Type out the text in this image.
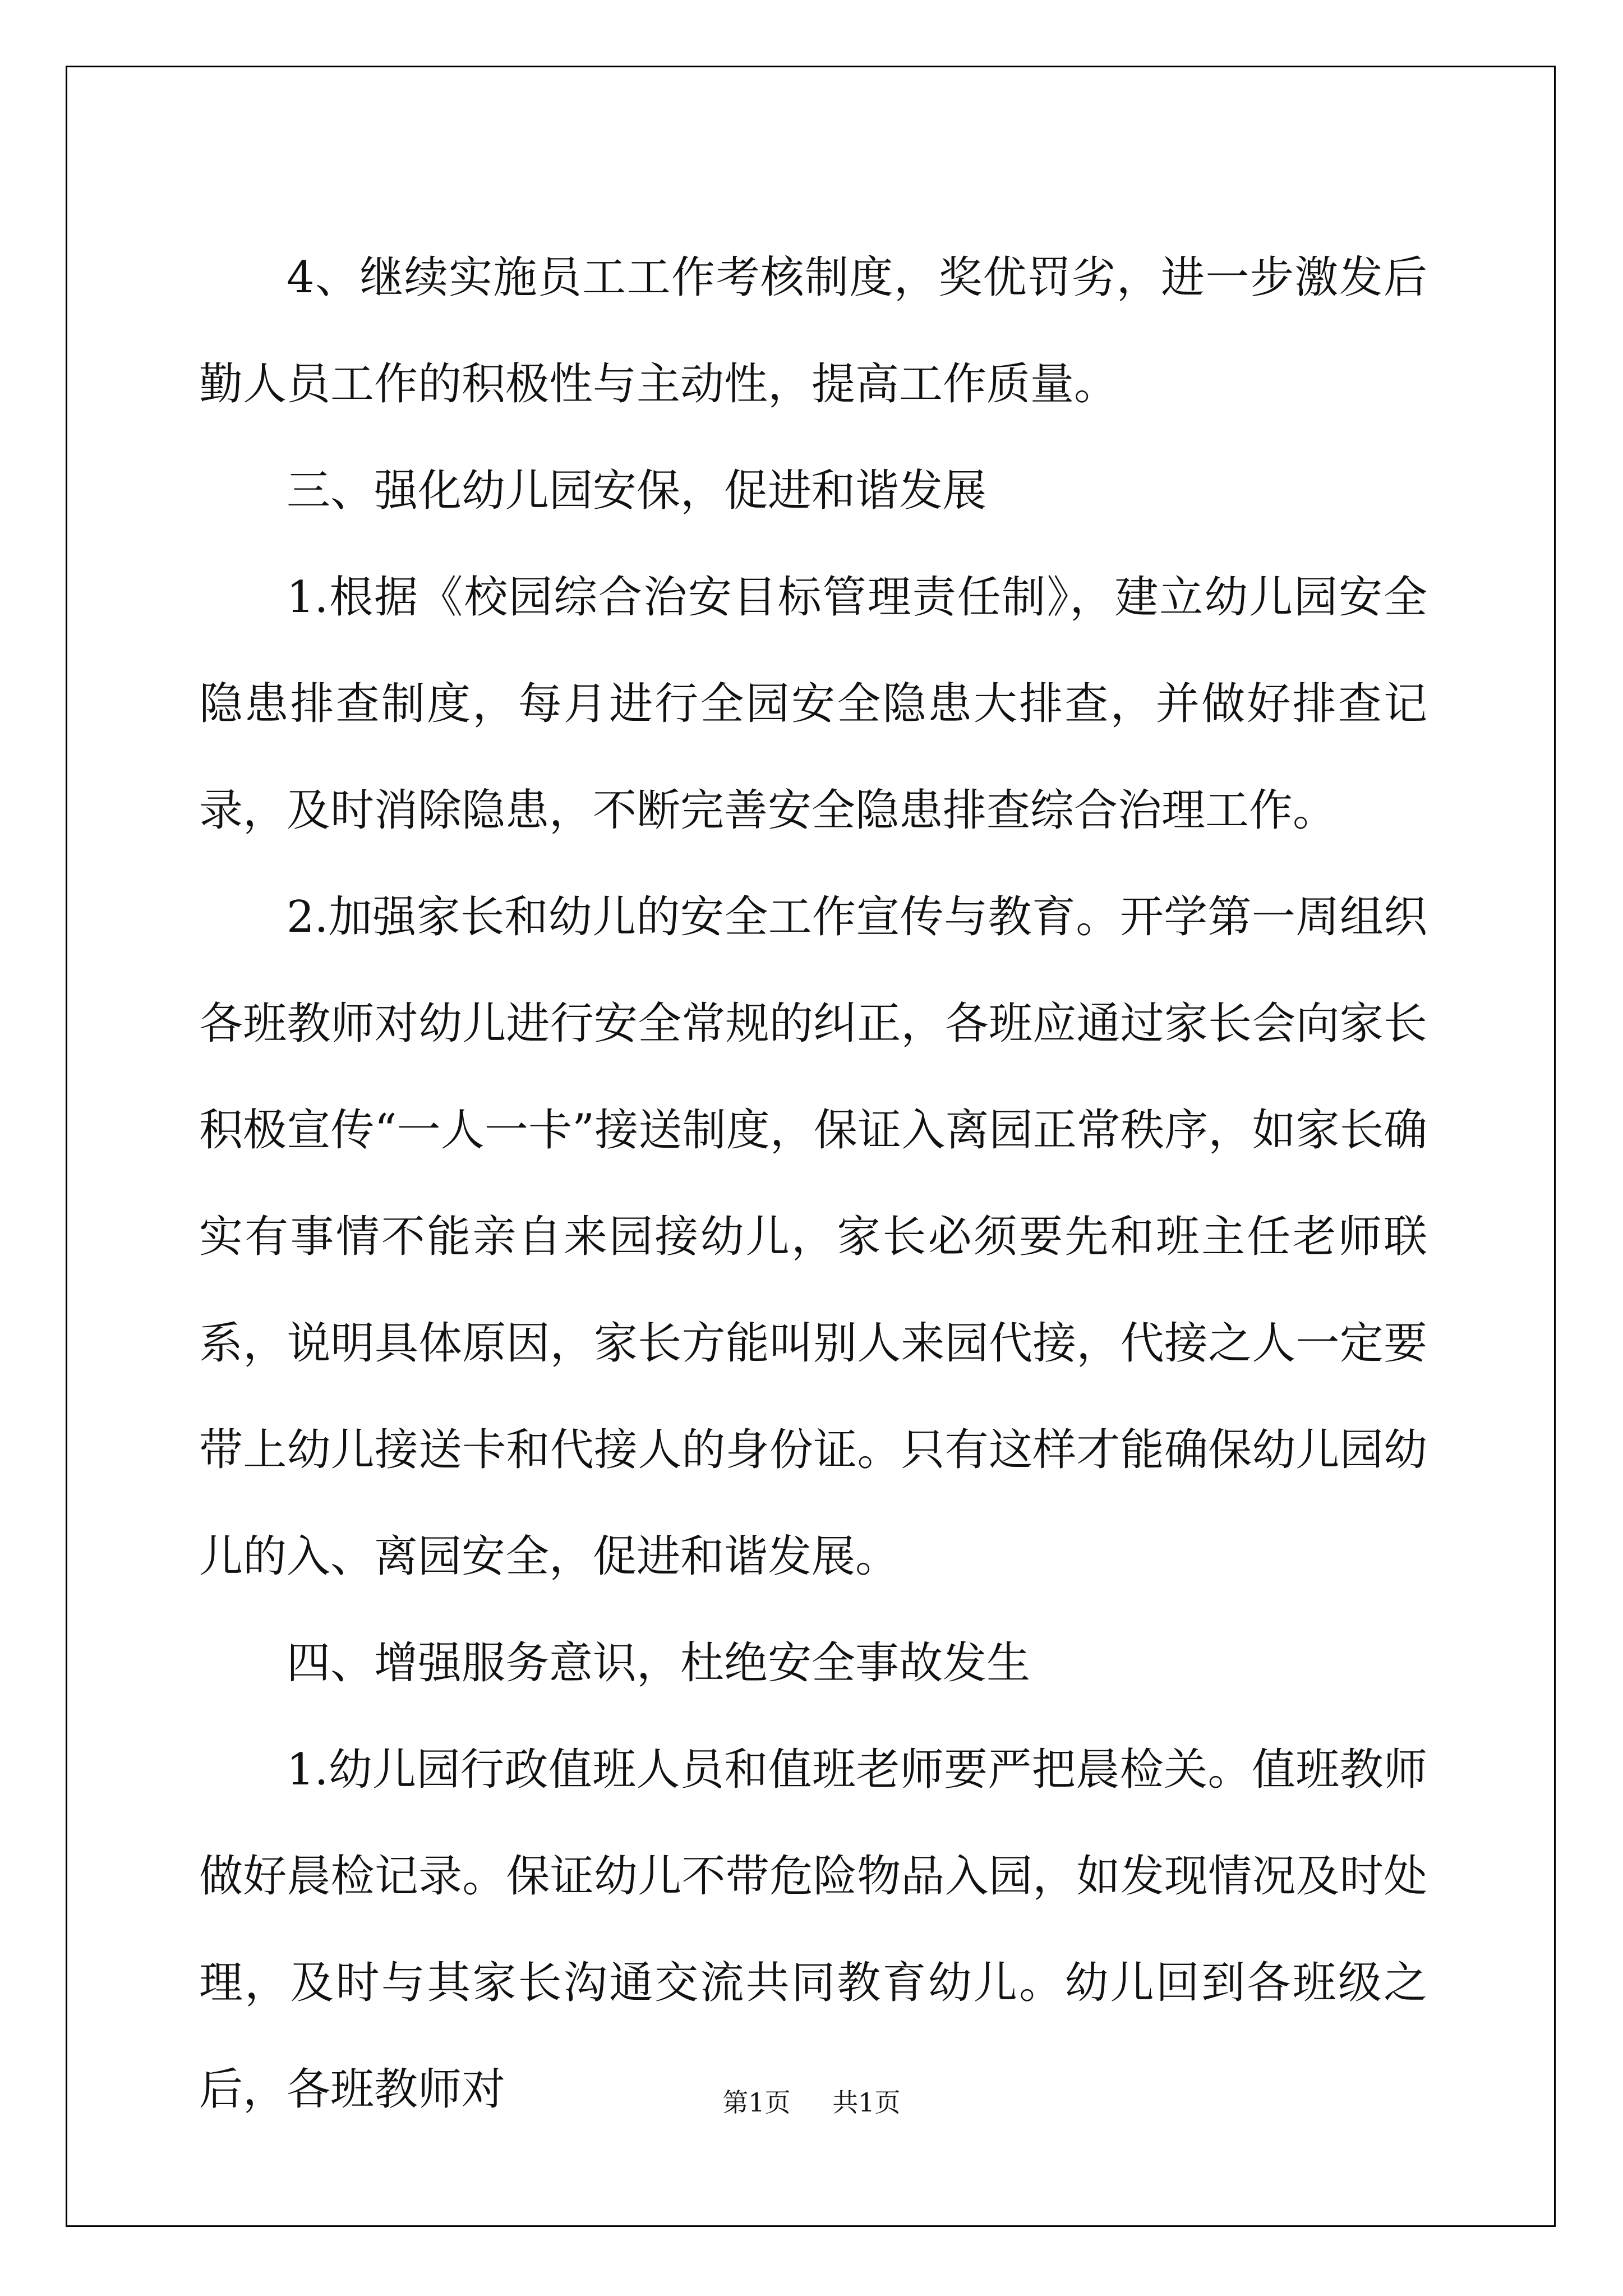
4、继续实施员工工作考核制度，奖优罚劣，进一步激发后勤人员工作的积极性与主动性，提高工作质量。

三、强化幼儿园安保，促进和谐发展

1.根据《校园综合治安目标管理责任制》，建立幼儿园安全隐患排查制度，每月进行全园安全隐患大排查，并做好排查记录，及时消除隐患，不断完善安全隐患排查综合治理工作。

2.加强家长和幼儿的安全工作宣传与教育。开学第一周组织各班教师对幼儿进行安全常规的纠正，各班应通过家长会向家长积极宣传“一人一卡”接送制度，保证入离园正常秩序，如家长确实有事情不能亲自来园接幼儿，家长必须要先和班主任老师联系，说明具体原因，家长方能叫别人来园代接，代接之人一定要带上幼儿接送卡和代接人的身份证。只有这样才能确保幼儿园幼儿的入、离园安全，促进和谐发展。

四、增强服务意识，杜绝安全事故发生

1.幼儿园行政值班人员和值班老师要严把晨检关。值班教师做好晨检记录。保证幼儿不带危险物品入园，如发现情况及时处理，及时与其家长沟通交流共同教育幼儿。幼儿回到各班级之后，各班教师对	第1页 共1页
